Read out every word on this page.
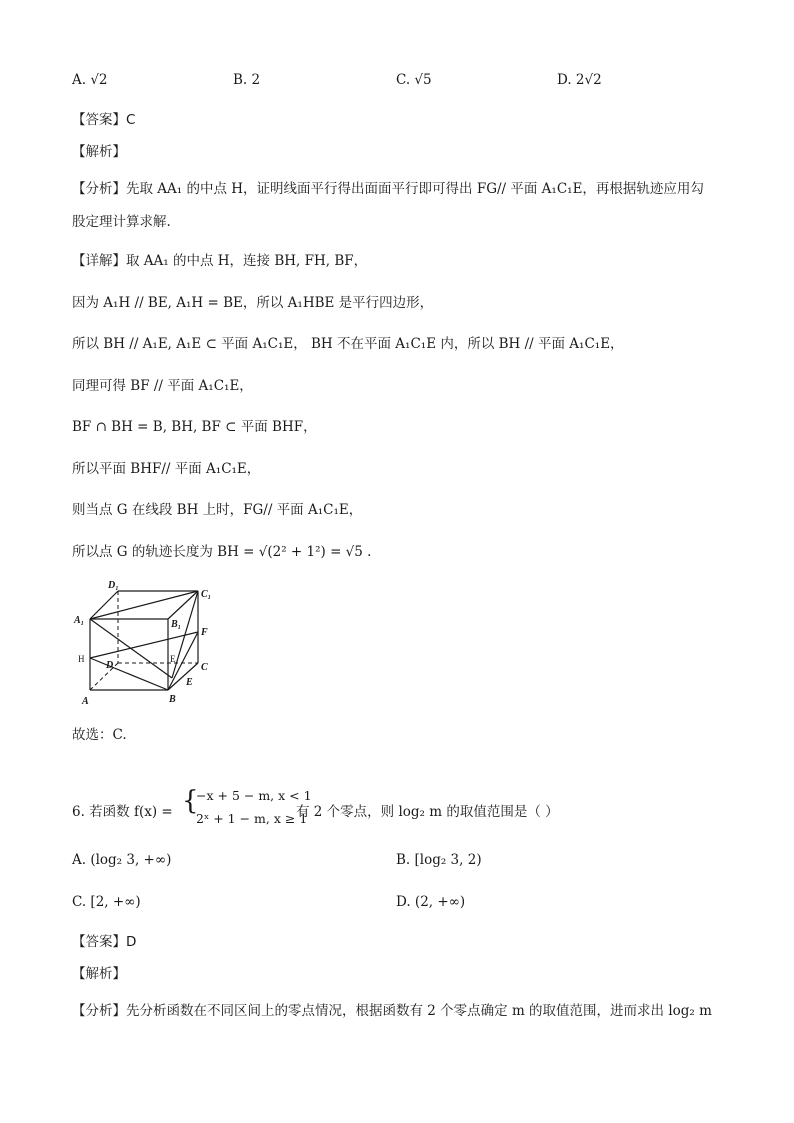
A. √2	B. 2	C. √5	D. 2√2
【答案】C
【解析】
【分析】先取 AA₁ 的中点 H，证明线面平行得出面面平行即可得出 FG// 平面 A₁C₁E，再根据轨迹应用勾
股定理计算求解.
【详解】取 AA₁ 的中点 H，连接 BH, FH, BF，
因为 A₁H // BE, A₁H = BE，所以 A₁HBE 是平行四边形，
所以 BH // A₁E, A₁E ⊂ 平面 A₁C₁E， BH 不在平面 A₁C₁E 内，所以 BH // 平面 A₁C₁E，
同理可得 BF // 平面 A₁C₁E，
BF ∩ BH = B, BH, BF ⊂ 平面 BHF，
所以平面 BHF// 平面 A₁C₁E，
则当点 G 在线段 BH 上时，FG// 平面 A₁C₁E，
所以点 G 的轨迹长度为 BH = √(2² + 1²) = √5 .
D₁
C₁
A₁	B₁
F
D	C
E
A	B
H	E
故选：C.
6. 若函数 f(x) = {
−x + 5 − m, x < 1
2ˣ + 1 − m, x ≥ 1
有 2 个零点，则 log₂ m 的取值范围是（ ）
A. (log₂ 3, +∞)	B. [log₂ 3, 2)
C. [2, +∞)	D. (2, +∞)
【答案】D
【解析】
【分析】先分析函数在不同区间上的零点情况，根据函数有 2 个零点确定 m 的取值范围，进而求出 log₂ m
